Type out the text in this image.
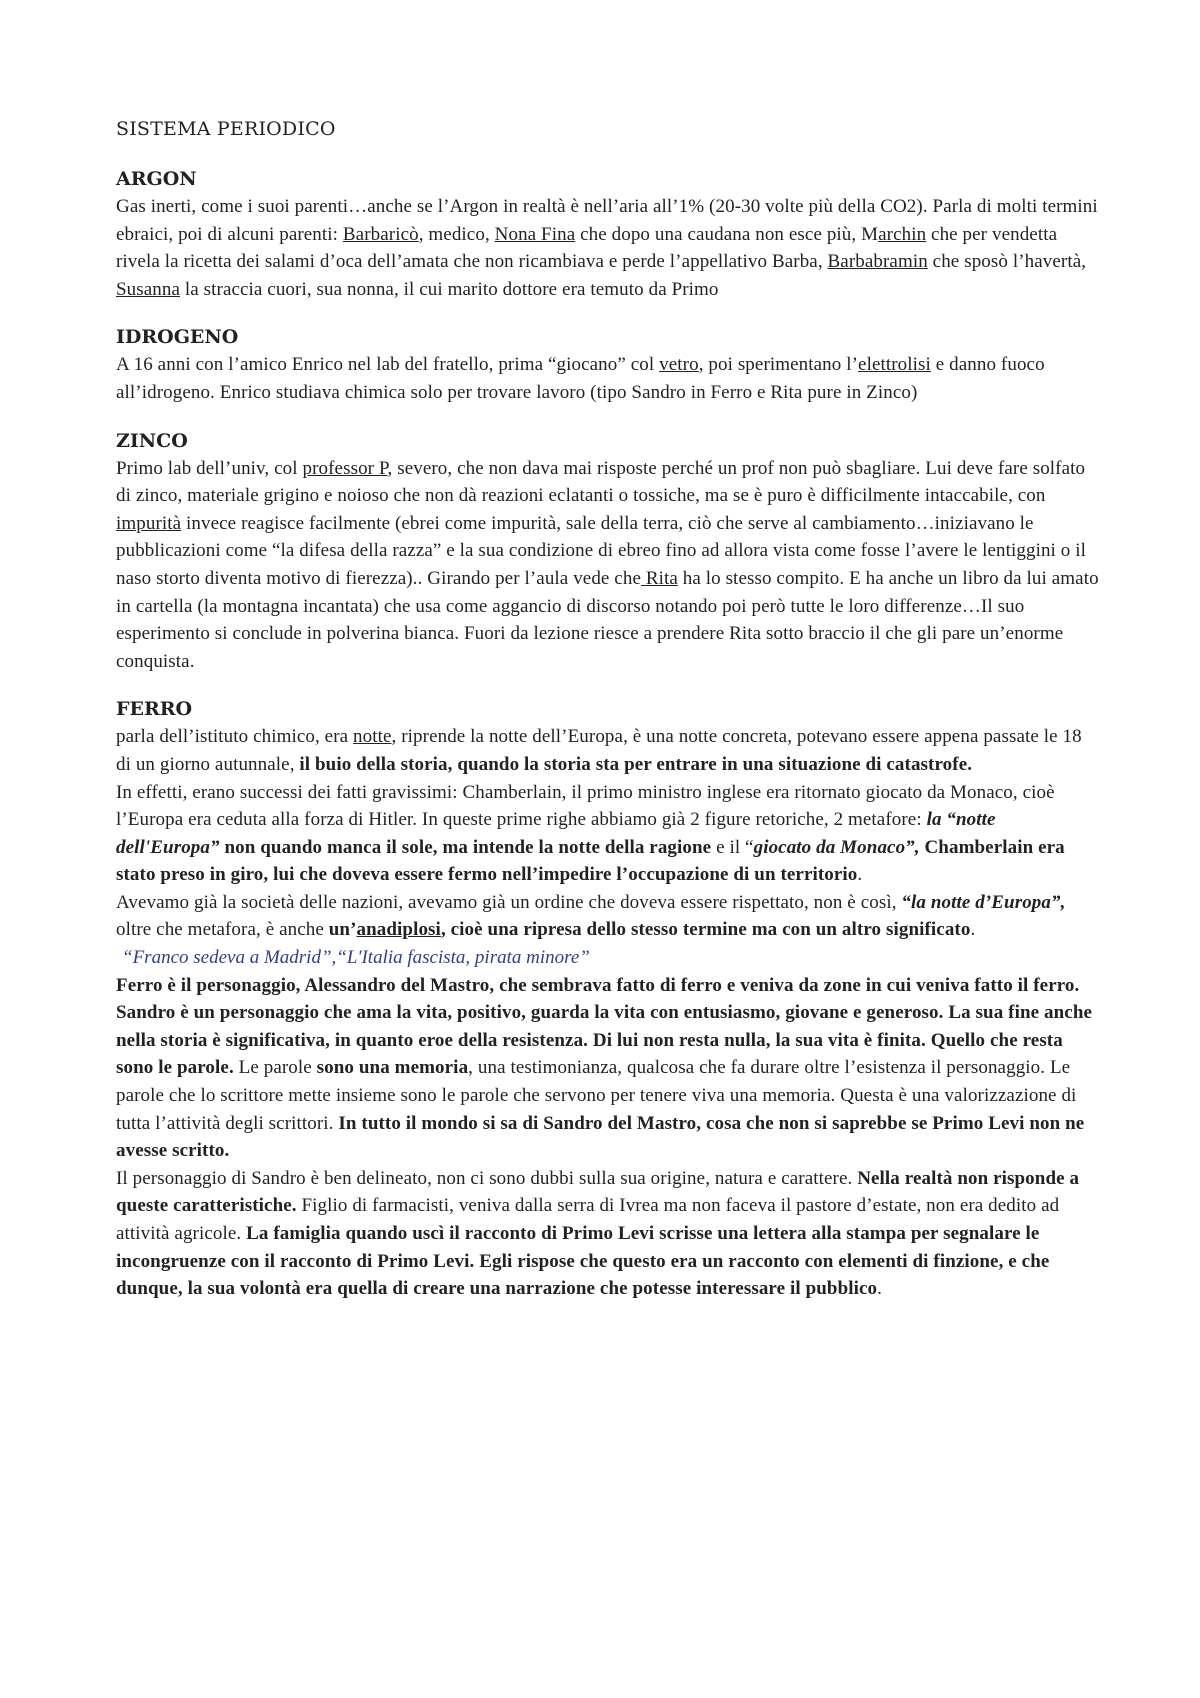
SISTEMA PERIODICO
ARGON

Gas inerti, come i suoi parenti…anche se l’Argon in realtà è nell’aria all’1% (20-30 volte più della CO2). Parla di molti termini ebraici, poi di alcuni parenti: Barbaricò, medico, Nona Fina che dopo una caudana non esce più, Marchin che per vendetta rivela la ricetta dei salami d’oca dell’amata che non ricambiava e perde l’appellativo Barba, Barbabramin che sposò l’havertà, Susanna la straccia cuori, sua nonna, il cui marito dottore era temuto da Primo

IDROGENO

A 16 anni con l’amico Enrico nel lab del fratello, prima “giocano” col vetro, poi sperimentano l’elettrolisi e danno fuoco all’idrogeno. Enrico studiava chimica solo per trovare lavoro (tipo Sandro in Ferro e Rita pure in Zinco)

ZINCO

Primo lab dell’univ, col professor P, severo, che non dava mai risposte perché un prof non può sbagliare. Lui deve fare solfato di zinco, materiale grigino e noioso che non dà reazioni eclatanti o tossiche, ma se è puro è difficilmente intaccabile, con impurità invece reagisce facilmente (ebrei come impurità, sale della terra, ciò che serve al cambiamento…iniziavano le pubblicazioni come “la difesa della razza” e la sua condizione di ebreo fino ad allora vista come fosse l’avere le lentiggini o il naso storto diventa motivo di fierezza).. Girando per l’aula vede che Rita ha lo stesso compito. E ha anche un libro da lui amato in cartella (la montagna incantata) che usa come aggancio di discorso notando poi però tutte le loro differenze…Il suo esperimento si conclude in polverina bianca. Fuori da lezione riesce a prendere Rita sotto braccio il che gli pare un’enorme conquista.

FERRO

parla dell’istituto chimico, era notte, riprende la notte dell’Europa, è una notte concreta, potevano essere appena passate le 18 di un giorno autunnale, il buio della storia, quando la storia sta per entrare in una situazione di catastrofe.

In effetti, erano successi dei fatti gravissimi: Chamberlain, il primo ministro inglese era ritornato giocato da Monaco, cioè l’Europa era ceduta alla forza di Hitler. In queste prime righe abbiamo già 2 figure retoriche, 2 metafore: la “notte dell'Europa” non quando manca il sole, ma intende la notte della ragione e il “giocato da Monaco”, Chamberlain era stato preso in giro, lui che doveva essere fermo nell’impedire l’occupazione di un territorio.

Avevamo già la società delle nazioni, avevamo già un ordine che doveva essere rispettato, non è così, “la notte d’Europa”, oltre che metafora, è anche un’anadiplosi, cioè una ripresa dello stesso termine ma con un altro significato.

“Franco sedeva a Madrid”,“L'Italia fascista, pirata minore”

Ferro è il personaggio, Alessandro del Mastro, che sembrava fatto di ferro e veniva da zone in cui veniva fatto il ferro. Sandro è un personaggio che ama la vita, positivo, guarda la vita con entusiasmo, giovane e generoso. La sua fine anche nella storia è significativa, in quanto eroe della resistenza. Di lui non resta nulla, la sua vita è finita. Quello che resta sono le parole. Le parole sono una memoria, una testimonianza, qualcosa che fa durare oltre l’esistenza il personaggio. Le parole che lo scrittore mette insieme sono le parole che servono per tenere viva una memoria. Questa è una valorizzazione di tutta l’attività degli scrittori. In tutto il mondo si sa di Sandro del Mastro, cosa che non si saprebbe se Primo Levi non ne avesse scritto.

Il personaggio di Sandro è ben delineato, non ci sono dubbi sulla sua origine, natura e carattere. Nella realtà non risponde a queste caratteristiche. Figlio di farmacisti, veniva dalla serra di Ivrea ma non faceva il pastore d’estate, non era dedito ad attività agricole. La famiglia quando uscì il racconto di Primo Levi scrisse una lettera alla stampa per segnalare le incongruenze con il racconto di Primo Levi. Egli rispose che questo era un racconto con elementi di finzione, e che dunque, la sua volontà era quella di creare una narrazione che potesse interessare il pubblico.
